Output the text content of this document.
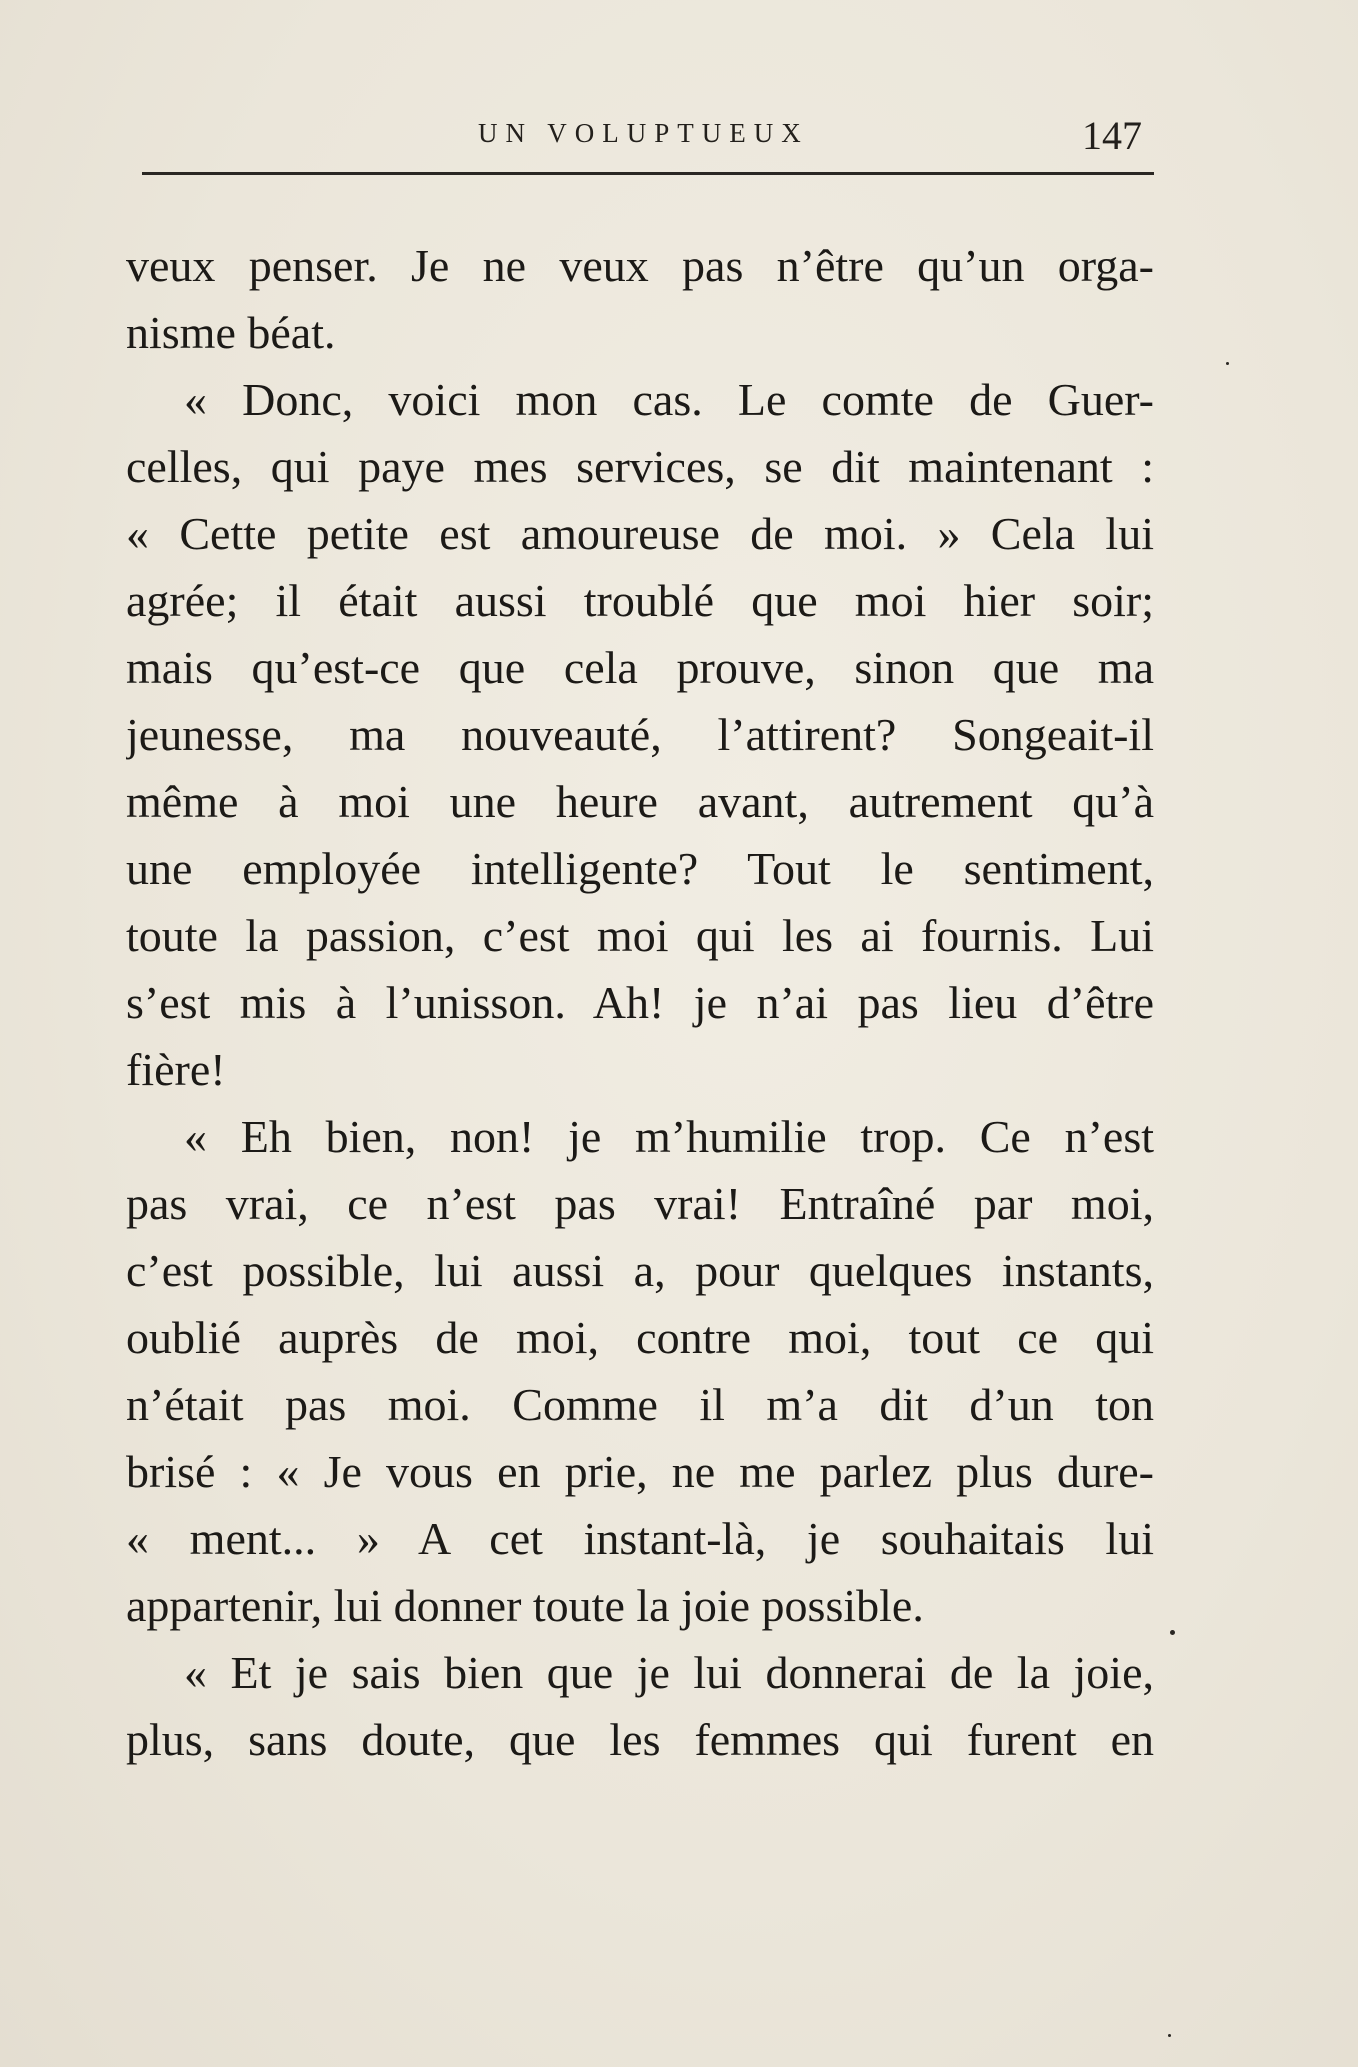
UN VOLUPTUEUX	147
veux penser. Je ne veux pas n’être qu’un orga-
nisme béat.
« Donc, voici mon cas. Le comte de Guer-
celles, qui paye mes services, se dit maintenant :
« Cette petite est amoureuse de moi. » Cela lui
agrée; il était aussi troublé que moi hier soir;
mais qu’est-ce que cela prouve, sinon que ma
jeunesse, ma nouveauté, l’attirent? Songeait-il
même à moi une heure avant, autrement qu’à
une employée intelligente? Tout le sentiment,
toute la passion, c’est moi qui les ai fournis. Lui
s’est mis à l’unisson. Ah! je n’ai pas lieu d’être
fière!
« Eh bien, non! je m’humilie trop. Ce n’est
pas vrai, ce n’est pas vrai! Entraîné par moi,
c’est possible, lui aussi a, pour quelques instants,
oublié auprès de moi, contre moi, tout ce qui
n’était pas moi. Comme il m’a dit d’un ton
brisé : « Je vous en prie, ne me parlez plus dure-
« ment... » A cet instant-là, je souhaitais lui
appartenir, lui donner toute la joie possible.
« Et je sais bien que je lui donnerai de la joie,
plus, sans doute, que les femmes qui furent en
